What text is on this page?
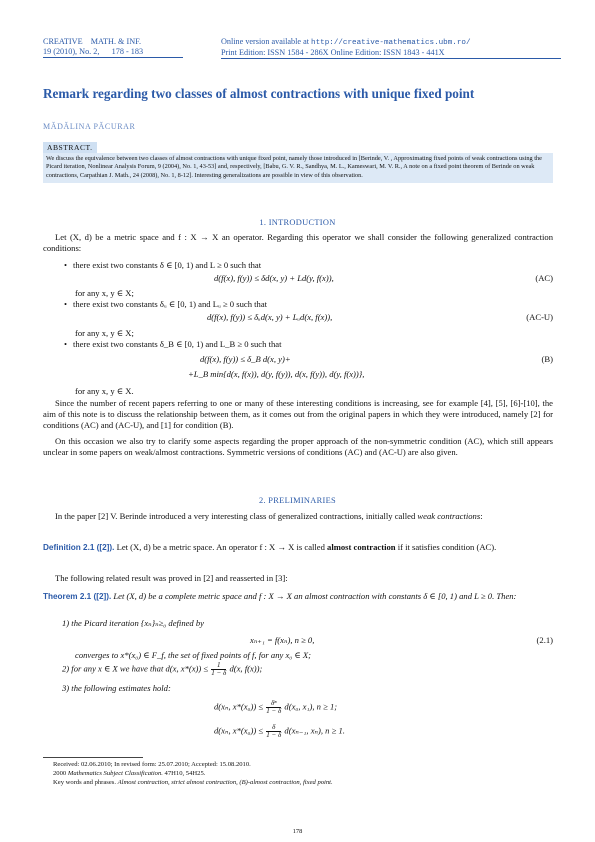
CREATIVE    MATH. & INF.
19 (2010), No. 2,      178 - 183
Online version available at http://creative-mathematics.ubm.ro/
Print Edition: ISSN 1584 - 286X Online Edition: ISSN 1843 - 441X
Remark regarding two classes of almost contractions with unique fixed point
MĂDĂLINA PĂCURAR
ABSTRACT.
We discuss the equivalence between two classes of almost contractions with unique fixed point, namely those introduced in [Berinde, V. , Approximating fixed points of weak contractions using the Picard iteration, Nonlinear Analysis Forum, 9 (2004), No. 1, 43-53] and, respectively, [Babu, G. V. R., Sandhya, M. L., Kameswari, M. V. R., A note on a fixed point theorem of Berinde on weak contractions, Carpathian J. Math., 24 (2008), No. 1, 8-12]. Interesting generalizations are possible in view of this observation.
1. INTRODUCTION
Let (X, d) be a metric space and f : X → X an operator. Regarding this operator we shall consider the following generalized contraction conditions:
• there exist two constants δ ∈ [0, 1) and L ≥ 0 such that
d(f(x), f(y)) ≤ δd(x, y) + Ld(y, f(x)),	(AC)
for any x, y ∈ X;
• there exist two constants δᵤ ∈ [0, 1) and Lᵤ ≥ 0 such that
d(f(x), f(y)) ≤ δᵤd(x, y) + Lᵤd(x, f(x)),	(AC-U)
for any x, y ∈ X;
• there exist two constants δ_B ∈ [0, 1) and L_B ≥ 0 such that
d(f(x), f(y)) ≤ δ_B d(x, y)+	(B)
+L_B min{d(x, f(x)), d(y, f(y)), d(x, f(y)), d(y, f(x))},
for any x, y ∈ X.
Since the number of recent papers referring to one or many of these interesting conditions is increasing, see for example [4], [5], [6]-[10], the aim of this note is to discuss the relationship between them, as it comes out from the original papers in which they were introduced, namely [2] for conditions (AC) and (AC-U), and [1] for condition (B).
On this occasion we also try to clarify some aspects regarding the proper approach of the non-symmetric condition (AC), which still appears unclear in some papers on weak/almost contractions. Symmetric versions of conditions (AC) and (AC-U) are also given.
2. PRELIMINARIES
In the paper [2] V. Berinde introduced a very interesting class of generalized contractions, initially called weak contractions:
Definition 2.1 ([2]). Let (X, d) be a metric space. An operator f : X → X is called almost contraction if it satisfies condition (AC).
The following related result was proved in [2] and reasserted in [3]:
Theorem 2.1 ([2]). Let (X, d) be a complete metric space and f : X → X an almost contraction with constants δ ∈ [0, 1) and L ≥ 0. Then:
1) the Picard iteration {xₙ}ₙ≥₀ defined by
xₙ₊₁ = f(xₙ), n ≥ 0,	(2.1)
converges to x*(x₀) ∈ F_f, the set of fixed points of f, for any x₀ ∈ X;
2) for any x ∈ X we have that d(x, $x*(x)) \le \frac{1}{1 - \delta} d(x$, f(x));
3) the following estimates hold:
d(xₙ, $x*(x_0)) \le \frac{\text{δⁿ}}{1 - \delta} d(x_0$, x₁), n ≥ 1;
d(xₙ, $x*(x_0)) \le \frac{\delta}{1 - \delta} d(x_{n-1}$, xₙ), n ≥ 1.
Received: 02.06.2010; In revised form: 25.07.2010; Accepted: 15.08.2010.
2000 Mathematics Subject Classification. 47H10, 54H25.
Key words and phrases. Almost contraction, strict almost contraction, (B)-almost contraction, fixed point.
178
